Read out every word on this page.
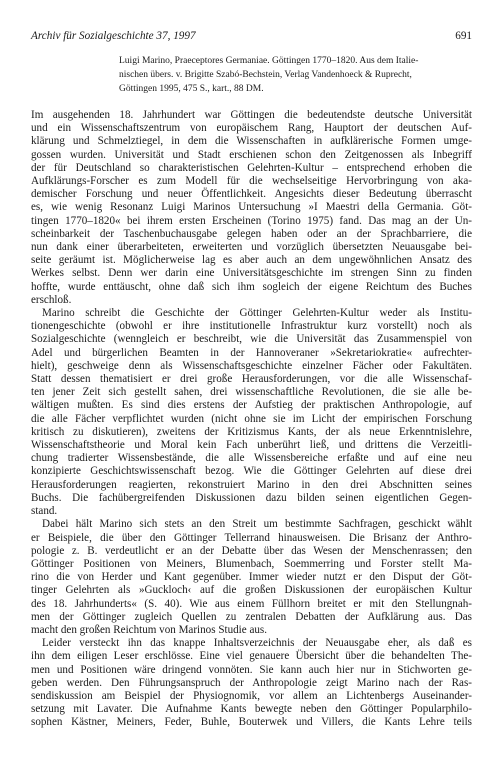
Archiv für Sozialgeschichte 37, 1997	691
Luigi Marino, Praeceptores Germaniae. Göttingen 1770–1820. Aus dem Italie-
nischen übers. v. Brigitte Szabó-Bechstein, Verlag Vandenhoeck & Ruprecht,
Göttingen 1995, 475 S., kart., 88 DM.

Im ausgehenden 18. Jahrhundert war Göttingen die bedeutendste deutsche Universität

und ein Wissenschaftszentrum von europäischem Rang, Hauptort der deutschen Auf-

klärung und Schmelztiegel, in dem die Wissenschaften in aufklärerische Formen umge-

gossen wurden. Universität und Stadt erschienen schon den Zeitgenossen als Inbegriff

der für Deutschland so charakteristischen Gelehrten-Kultur – entsprechend erhoben die

Aufklärungs-Forscher es zum Modell für die wechselseitige Hervorbringung von aka-

demischer Forschung und neuer Öffentlichkeit. Angesichts dieser Bedeutung überrascht

es, wie wenig Resonanz Luigi Marinos Untersuchung »I Maestri della Germania. Göt-

tingen 1770–1820« bei ihrem ersten Erscheinen (Torino 1975) fand. Das mag an der Un-

scheinbarkeit der Taschenbuchausgabe gelegen haben oder an der Sprachbarriere, die

nun dank einer überarbeiteten, erweiterten und vorzüglich übersetzten Neuausgabe bei-

seite geräumt ist. Möglicherweise lag es aber auch an dem ungewöhnlichen Ansatz des

Werkes selbst. Denn wer darin eine Universitätsgeschichte im strengen Sinn zu finden

hoffte, wurde enttäuscht, ohne daß sich ihm sogleich der eigene Reichtum des Buches

erschloß.

Marino schreibt die Geschichte der Göttinger Gelehrten-Kultur weder als Institu-

tionengeschichte (obwohl er ihre institutionelle Infrastruktur kurz vorstellt) noch als

Sozialgeschichte (wenngleich er beschreibt, wie die Universität das Zusammenspiel von

Adel und bürgerlichen Beamten in der Hannoveraner »Sekretariokratie« aufrechter-

hielt), geschweige denn als Wissenschaftsgeschichte einzelner Fächer oder Fakultäten.

Statt dessen thematisiert er drei große Herausforderungen, vor die alle Wissenschaf-

ten jener Zeit sich gestellt sahen, drei wissenschaftliche Revolutionen, die sie alle be-

wältigen mußten. Es sind dies erstens der Aufstieg der praktischen Anthropologie, auf

die alle Fächer verpflichtet wurden (nicht ohne sie im Licht der empirischen Forschung

kritisch zu diskutieren), zweitens der Kritizismus Kants, der als neue Erkenntnislehre,

Wissenschaftstheorie und Moral kein Fach unberührt ließ, und drittens die Verzeitli-

chung tradierter Wissensbestände, die alle Wissensbereiche erfaßte und auf eine neu

konzipierte Geschichtswissenschaft bezog. Wie die Göttinger Gelehrten auf diese drei

Herausforderungen reagierten, rekonstruiert Marino in den drei Abschnitten seines

Buchs. Die fachübergreifenden Diskussionen dazu bilden seinen eigentlichen Gegen-

stand.

Dabei hält Marino sich stets an den Streit um bestimmte Sachfragen, geschickt wählt

er Beispiele, die über den Göttinger Tellerrand hinausweisen. Die Brisanz der Anthro-

pologie z. B. verdeutlicht er an der Debatte über das Wesen der Menschenrassen; den

Göttinger Positionen von Meiners, Blumenbach, Soemmerring und Forster stellt Ma-

rino die von Herder und Kant gegenüber. Immer wieder nutzt er den Disput der Göt-

tinger Gelehrten als »Guckloch‹ auf die großen Diskussionen der europäischen Kultur

des 18. Jahrhunderts« (S. 40). Wie aus einem Füllhorn breitet er mit den Stellungnah-

men der Göttinger zugleich Quellen zu zentralen Debatten der Aufklärung aus. Das

macht den großen Reichtum von Marinos Studie aus.

Leider versteckt ihn das knappe Inhaltsverzeichnis der Neuausgabe eher, als daß es

ihn dem eiligen Leser erschlösse. Eine viel genauere Übersicht über die behandelten The-

men und Positionen wäre dringend vonnöten. Sie kann auch hier nur in Stichworten ge-

geben werden. Den Führungsanspruch der Anthropologie zeigt Marino nach der Ras-

sendiskussion am Beispiel der Physiognomik, vor allem an Lichtenbergs Auseinander-

setzung mit Lavater. Die Aufnahme Kants bewegte neben den Göttinger Popularphilo-

sophen Kästner, Meiners, Feder, Buhle, Bouterwek und Villers, die Kants Lehre teils
